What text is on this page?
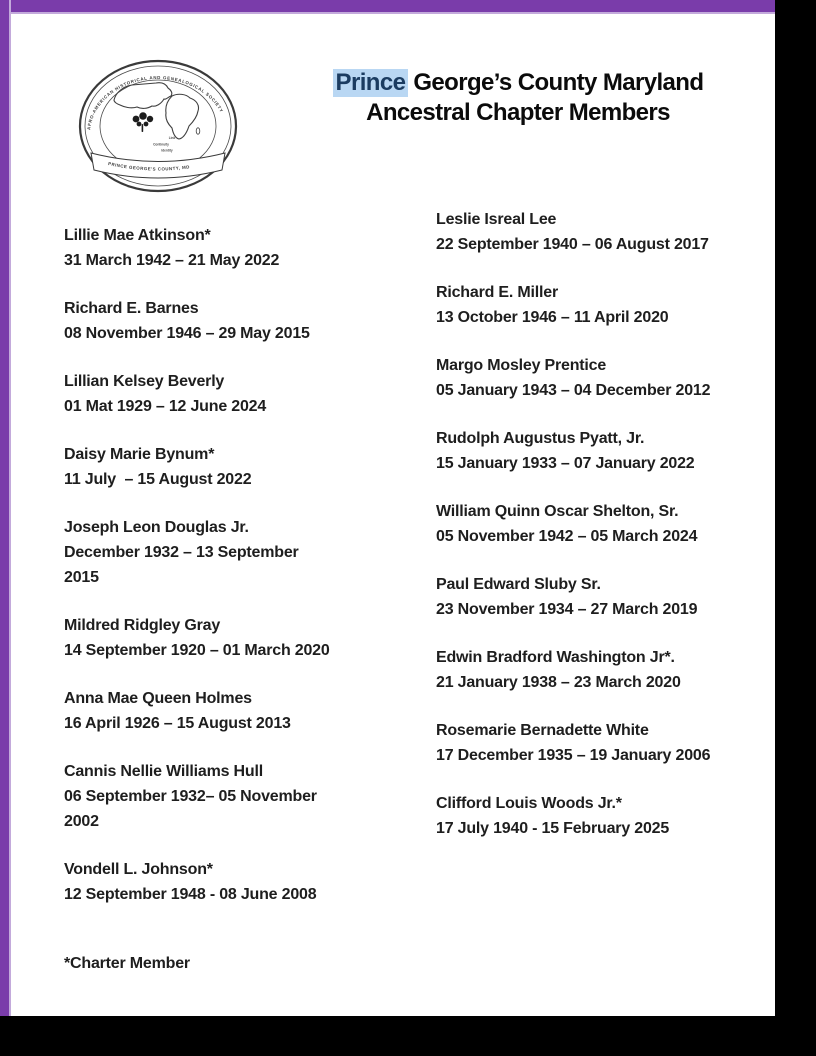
AFRO-AMERICAN HISTORICAL AND GENEALOGICAL SOCIETY
Link
Continuity
Identity
PRINCE GEORGE'S COUNTY, MD
Prince George’s County Maryland
Ancestral Chapter Members
Lillie Mae Atkinson*
31 March 1942 – 21 May 2022
Richard E. Barnes
08 November 1946 – 29 May 2015
Lillian Kelsey Beverly
01 Mat 1929 – 12 June 2024
Daisy Marie Bynum*
11 July  – 15 August 2022
Joseph Leon Douglas Jr.
December 1932 – 13 September
2015
Mildred Ridgley Gray
14 September 1920 – 01 March 2020
Anna Mae Queen Holmes
16 April 1926 – 15 August 2013
Cannis Nellie Williams Hull
06 September 1932– 05 November
2002
Vondell L. Johnson*
12 September 1948 - 08 June 2008
*Charter Member
Leslie Isreal Lee
22 September 1940 – 06 August 2017
Richard E. Miller
13 October 1946 – 11 April 2020
Margo Mosley Prentice
05 January 1943 – 04 December 2012
Rudolph Augustus Pyatt, Jr.
15 January 1933 – 07 January 2022
William Quinn Oscar Shelton, Sr.
05 November 1942 – 05 March 2024
Paul Edward Sluby Sr.
23 November 1934 – 27 March 2019
Edwin Bradford Washington Jr*.
21 January 1938 – 23 March 2020
Rosemarie Bernadette White
17 December 1935 – 19 January 2006
Clifford Louis Woods Jr.*
17 July 1940 - 15 February 2025
